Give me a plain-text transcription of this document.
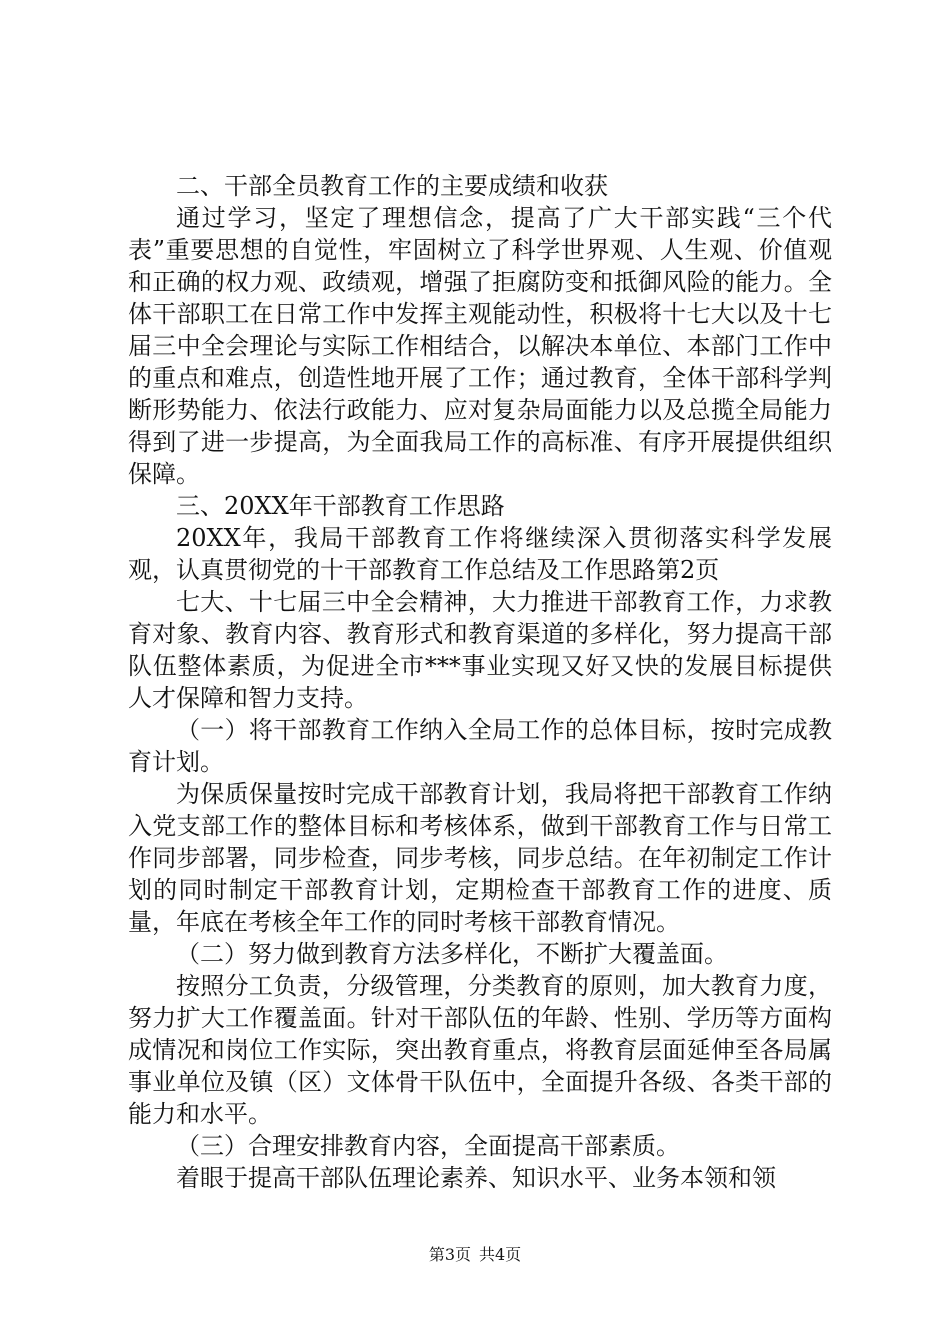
二、干部全员教育工作的主要成绩和收获

通过学习，坚定了理想信念，提高了广大干部实践“三个代表”重要思想的自觉性，牢固树立了科学世界观、人生观、价值观和正确的权力观、政绩观，增强了拒腐防变和抵御风险的能力。全体干部职工在日常工作中发挥主观能动性，积极将十七大以及十七届三中全会理论与实际工作相结合，以解决本单位、本部门工作中的重点和难点，创造性地开展了工作；通过教育，全体干部科学判断形势能力、依法行政能力、应对复杂局面能力以及总揽全局能力得到了进一步提高，为全面我局工作的高标准、有序开展提供组织保障。

三、20XX年干部教育工作思路

20XX年，我局干部教育工作将继续深入贯彻落实科学发展观，认真贯彻党的十干部教育工作总结及工作思路第2页

七大、十七届三中全会精神，大力推进干部教育工作，力求教育对象、教育内容、教育形式和教育渠道的多样化，努力提高干部队伍整体素质，为促进全市***事业实现又好又快的发展目标提供人才保障和智力支持。

（一）将干部教育工作纳入全局工作的总体目标，按时完成教育计划。

为保质保量按时完成干部教育计划，我局将把干部教育工作纳入党支部工作的整体目标和考核体系，做到干部教育工作与日常工作同步部署，同步检查，同步考核，同步总结。在年初制定工作计划的同时制定干部教育计划，定期检查干部教育工作的进度、质量，年底在考核全年工作的同时考核干部教育情况。

（二）努力做到教育方法多样化，不断扩大覆盖面。

按照分工负责，分级管理，分类教育的原则，加大教育力度，努力扩大工作覆盖面。针对干部队伍的年龄、性别、学历等方面构成情况和岗位工作实际，突出教育重点，将教育层面延伸至各局属事业单位及镇（区）文体骨干队伍中，全面提升各级、各类干部的能力和水平。

（三）合理安排教育内容，全面提高干部素质。

着眼于提高干部队伍理论素养、知识水平、业务本领和领

第3页 共4页
